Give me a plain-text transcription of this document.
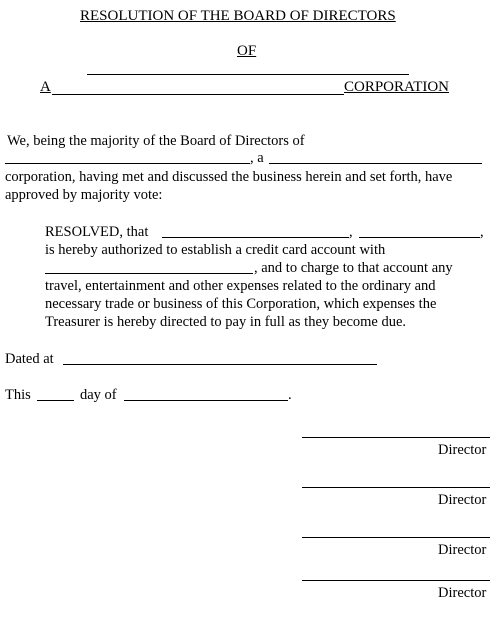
RESOLUTION OF THE BOARD OF DIRECTORS
OF
A	CORPORATION
We, being the majority of the Board of Directors of
, a
corporation, having met and discussed the business herein and set forth, have
approved by majority vote:
RESOLVED, that	,	,
is hereby authorized to establish a credit card account with
, and to charge to that account any
travel, entertainment and other expenses related to the ordinary and
necessary trade or business of this Corporation, which expenses the
Treasurer is hereby directed to pay in full as they become due.
Dated at
This	day of	.
Director
Director
Director
Director
